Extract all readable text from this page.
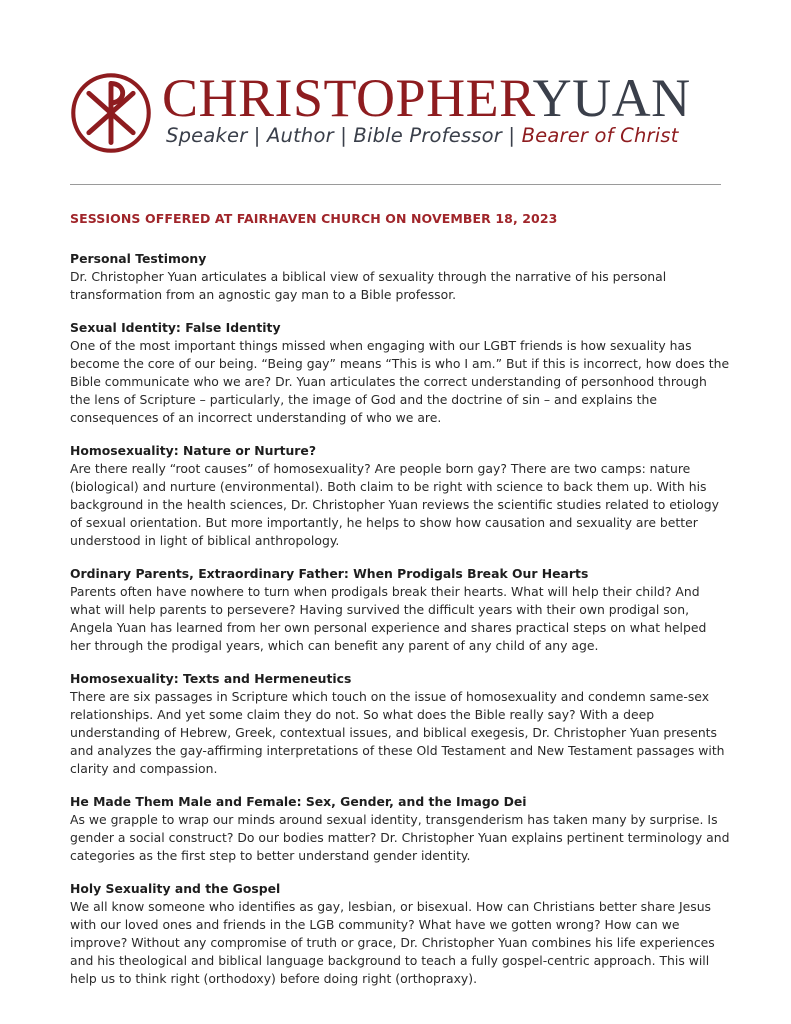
CHRISTOPHERYUAN
Speaker | Author | Bible Professor | Bearer of Christ
SESSIONS OFFERED AT FAIRHAVEN CHURCH ON NOVEMBER 18, 2023
Personal Testimony
Dr. Christopher Yuan articulates a biblical view of sexuality through the narrative of his personal transformation from an agnostic gay man to a Bible professor.
Sexual Identity: False Identity
One of the most important things missed when engaging with our LGBT friends is how sexuality has become the core of our being. “Being gay” means “This is who I am.” But if this is incorrect, how does the Bible communicate who we are? Dr. Yuan articulates the correct understanding of personhood through the lens of Scripture – particularly, the image of God and the doctrine of sin – and explains the consequences of an incorrect understanding of who we are.
Homosexuality: Nature or Nurture?
Are there really “root causes” of homosexuality? Are people born gay? There are two camps: nature (biological) and nurture (environmental). Both claim to be right with science to back them up. With his background in the health sciences, Dr. Christopher Yuan reviews the scientific studies related to etiology of sexual orientation. But more importantly, he helps to show how causation and sexuality are better understood in light of biblical anthropology.
Ordinary Parents, Extraordinary Father: When Prodigals Break Our Hearts
Parents often have nowhere to turn when prodigals break their hearts. What will help their child? And what will help parents to persevere? Having survived the difficult years with their own prodigal son, Angela Yuan has learned from her own personal experience and shares practical steps on what helped her through the prodigal years, which can benefit any parent of any child of any age.
Homosexuality: Texts and Hermeneutics
There are six passages in Scripture which touch on the issue of homosexuality and condemn same-sex relationships. And yet some claim they do not. So what does the Bible really say? With a deep understanding of Hebrew, Greek, contextual issues, and biblical exegesis, Dr. Christopher Yuan presents and analyzes the gay-affirming interpretations of these Old Testament and New Testament passages with clarity and compassion.
He Made Them Male and Female: Sex, Gender, and the Imago Dei
As we grapple to wrap our minds around sexual identity, transgenderism has taken many by surprise. Is gender a social construct? Do our bodies matter? Dr. Christopher Yuan explains pertinent terminology and categories as the first step to better understand gender identity.
Holy Sexuality and the Gospel
We all know someone who identifies as gay, lesbian, or bisexual. How can Christians better share Jesus with our loved ones and friends in the LGB community? What have we gotten wrong? How can we improve? Without any compromise of truth or grace, Dr. Christopher Yuan combines his life experiences and his theological and biblical language background to teach a fully gospel-centric approach. This will help us to think right (orthodoxy) before doing right (orthopraxy).
